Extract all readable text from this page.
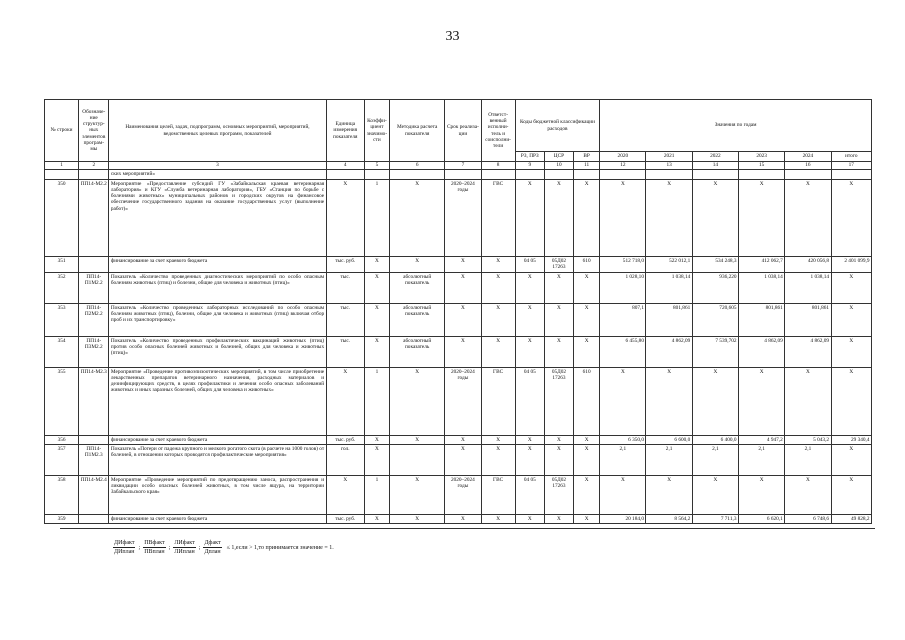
33
№ строки	Обозначе-ние структур-ных элементов програм-мы	Наименования целей, задач, подпрограмм, основных мероприятий, мероприятий, ведомственных целевых программ, показателей	Единица измерения показателя	Коэффи-циент значимо-сти	Методика расчета показателя	Срок реализа-ции	Ответст-венный исполни-тель и соисполни-тели	Коды бюджетной классификации расходов			Значения по годам					
								РЗ, ПРЗ	ЦСР	ВР	2020	2021	2022	2023	2024	итого
1	2	3	4	5	6	7	8	9	10	11	12	13	14	15	16	17
		ских мероприятий»														
350	ПП14-М2.2	Мероприятие «Предоставление субсидий ГУ «Забайкальская краевая ветеринарная лаборатория» и КГУ «Служба ветеринарная лаборатория», ГБУ «Станция по борьбе с болезнями животных» муниципальных районов и городских округов на финансовое обеспечение государственного задания на оказание государственных услуг (выполнение работ)»	Х	1	Х	2020–2024 годы	ГВС	Х	Х	Х	Х	Х	Х	Х	Х	Х
351		финансирование за счет краевого бюджета	тыс. руб.	Х	Х	Х	Х	04 05	05Д02 17263	610	512 718,0	522 012,1	534 248,3	412 062,7	420 056,8	2 401 099,9
352	ПП14-П1М2.2	Показатель «Количество проведенных диагностических мероприятий по особо опасным болезням животных (птиц) и болезни, общие для человека и животных (птиц)»	тыс.	Х	абсолютный показатель	Х	Х	Х	Х	Х	1 028,10	1 038,14	936,220	1 038,14	1 038,14	Х
353	ПП14-П2М2.2	Показатель «Количество проведенных лабораторных исследований по особо опасным болезням животных (птиц), болезни, общие для человека и животных (птиц) включая отбор проб и их транспортировку»	тыс.	Х	абсолютный показатель	Х	Х	Х	Х	Х	807,1	801,861	720,605	801,861	801,861	Х
354	ПП14-П3М2.2	Показатель «Количество проведенных профилактических вакцинаций животных (птиц) против особо опасных болезней животных и болезней, общих для человека и животных (птиц)»	тыс.	Х	абсолютный показатель	Х	Х	Х	Х	Х	6 455,80	4 862,09	7 539,702	4 862,09	4 862,09	Х
355	ПП14-М2.3	Мероприятие «Проведение противоэпизоотических мероприятий, в том числе приобретение лекарственных препаратов ветеринарного назначения, расходных материалов и дезинфицирующих средств, в целях профилактики и лечения особо опасных заболеваний животных и иных заразных болезней, общих для человека и животных»	Х	1	Х	2020–2024 годы	ГВС	04 05	05Д02 17263	610	Х	Х	Х	Х	Х	Х
356		финансирование за счет краевого бюджета	тыс. руб.	Х	Х	Х	Х	Х	Х	Х	6 350,0	6 600,0	6 400,0	4 947,2	5 043,2	29 340,4
357	ПП14-П1М2.3	Показатель «Потери от падежа крупного и мелкого рогатого скота (в расчете на 1000 голов) от болезней, в отношении которых проводятся профилактические мероприятия»	гол.	Х		Х	Х	Х	Х	Х	2,1	2,1	2,1	2,1	2,1	Х
358	ПП14-М2.4	Мероприятие «Проведение мероприятий по предотвращению заноса, распространения и ликвидации особо опасных болезней животных, в том числе ящура, на территории Забайкальского края»	Х	1	Х	2020–2024 годы	ГВС	04 05	05Д02 17263	Х	Х	Х	Х	Х	Х	Х
359		финансирование за счет краевого бюджета	тыс. руб.	Х	Х	Х	Х	Х	Х	Х	20 184,0	8 564,2	7 711,3	6 620,1	6 748,6	49 828,2
$\frac{\text{ДИфакт}}{\text{ДИплан}}$ ; $\frac{\text{ПВфакт}}{\text{ПВплан}}$ ; $\frac{\text{ЛИфакт}}{\text{ЛИплан}}$ ; $\frac{\text{Дфакт}}{\text{Дплан}}$ ≤ 1,если > 1,то принимается значение = 1.
